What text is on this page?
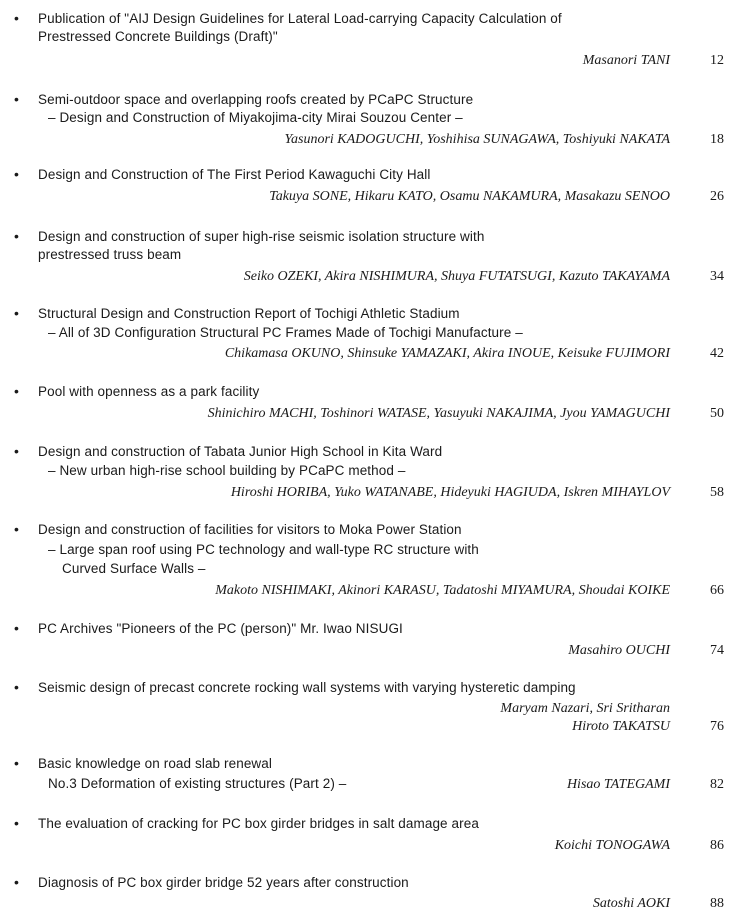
• Publication of "AIJ Design Guidelines for Lateral Load-carrying Capacity Calculation of
Prestressed Concrete Buildings (Draft)"
Masanori TANI	12
• Semi-outdoor space and overlapping roofs created by PCaPC Structure
– Design and Construction of Miyakojima-city Mirai Souzou Center –
Yasunori KADOGUCHI, Yoshihisa SUNAGAWA, Toshiyuki NAKATA	18
• Design and Construction of The First Period Kawaguchi City Hall
Takuya SONE, Hikaru KATO, Osamu NAKAMURA, Masakazu SENOO	26
• Design and construction of super high-rise seismic isolation structure with
prestressed truss beam
Seiko OZEKI, Akira NISHIMURA, Shuya FUTATSUGI, Kazuto TAKAYAMA	34
• Structural Design and Construction Report of Tochigi Athletic Stadium
– All of 3D Configuration Structural PC Frames Made of Tochigi Manufacture –
Chikamasa OKUNO, Shinsuke YAMAZAKI, Akira INOUE, Keisuke FUJIMORI	42
• Pool with openness as a park facility
Shinichiro MACHI, Toshinori WATASE, Yasuyuki NAKAJIMA, Jyou YAMAGUCHI	50
• Design and construction of Tabata Junior High School in Kita Ward
– New urban high-rise school building by PCaPC method –
Hiroshi HORIBA, Yuko WATANABE, Hideyuki HAGIUDA, Iskren MIHAYLOV	58
• Design and construction of facilities for visitors to Moka Power Station
– Large span roof using PC technology and wall-type RC structure with
Curved Surface Walls –
Makoto NISHIMAKI, Akinori KARASU, Tadatoshi MIYAMURA, Shoudai KOIKE	66
• PC Archives "Pioneers of the PC (person)" Mr. Iwao NISUGI
Masahiro OUCHI	74
• Seismic design of precast concrete rocking wall systems with varying hysteretic damping
Maryam Nazari, Sri Sritharan
Hiroto TAKATSU	76
• Basic knowledge on road slab renewal
No.3 Deformation of existing structures (Part 2) –	Hisao TATEGAMI	82
• The evaluation of cracking for PC box girder bridges in salt damage area
Koichi TONOGAWA	86
• Diagnosis of PC box girder bridge 52 years after construction
Satoshi AOKI	88
